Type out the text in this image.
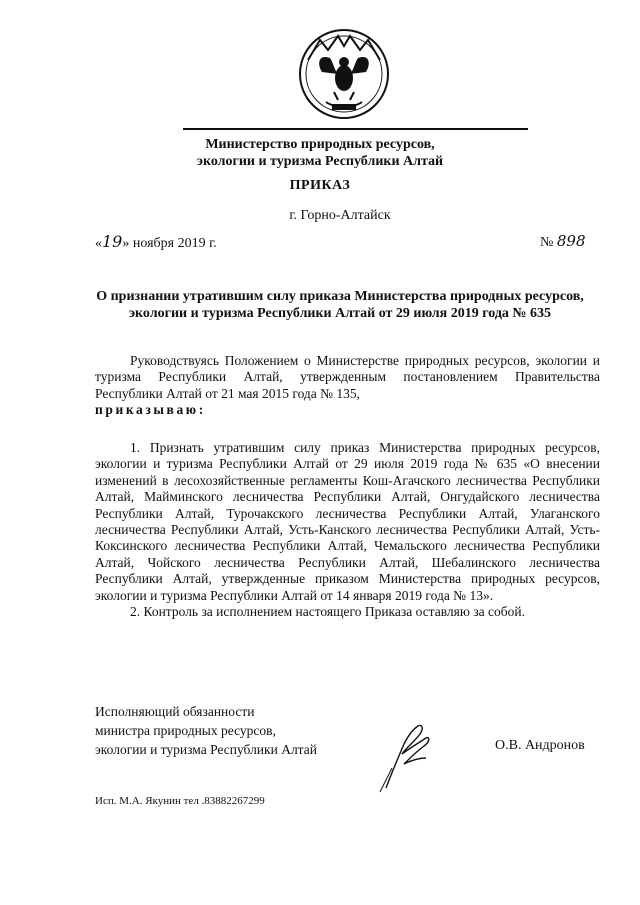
Министерство природных ресурсов,
экологии и туризма Республики Алтай
ПРИКАЗ
г. Горно-Алтайск
«19» ноября 2019 г.	№ 898
О признании утратившим силу приказа Министерства природных ресурсов, экологии и туризма Республики Алтай от 29 июля 2019 года № 635
Руководствуясь Положением о Министерстве природных ресурсов, экологии и туризма Республики Алтай, утвержденным постановлением Правительства Республики Алтай от 21 мая 2015 года № 135,
приказываю:
1. Признать утратившим силу приказ Министерства природных ресурсов, экологии и туризма Республики Алтай от 29 июля 2019 года № 635 «О внесении изменений в лесохозяйственные регламенты Кош-Агачского лесничества Республики Алтай, Майминского лесничества Республики Алтай, Онгудайского лесничества Республики Алтай, Турочакского лесничества Республики Алтай, Улаганского лесничества Республики Алтай, Усть-Канского лесничества Республики Алтай, Усть-Коксинского лесничества Республики Алтай, Чемальского лесничества Республики Алтай, Чойского лесничества Республики Алтай, Шебалинского лесничества Республики Алтай, утвержденные приказом Министерства природных ресурсов, экологии и туризма Республики Алтай от 14 января 2019 года № 13».
2. Контроль за исполнением настоящего Приказа оставляю за собой.
Исполняющий обязанности
министра природных ресурсов,
экологии и туризма Республики Алтай	О.В. Андронов
Исп. М.А. Якунин тел .83882267299
